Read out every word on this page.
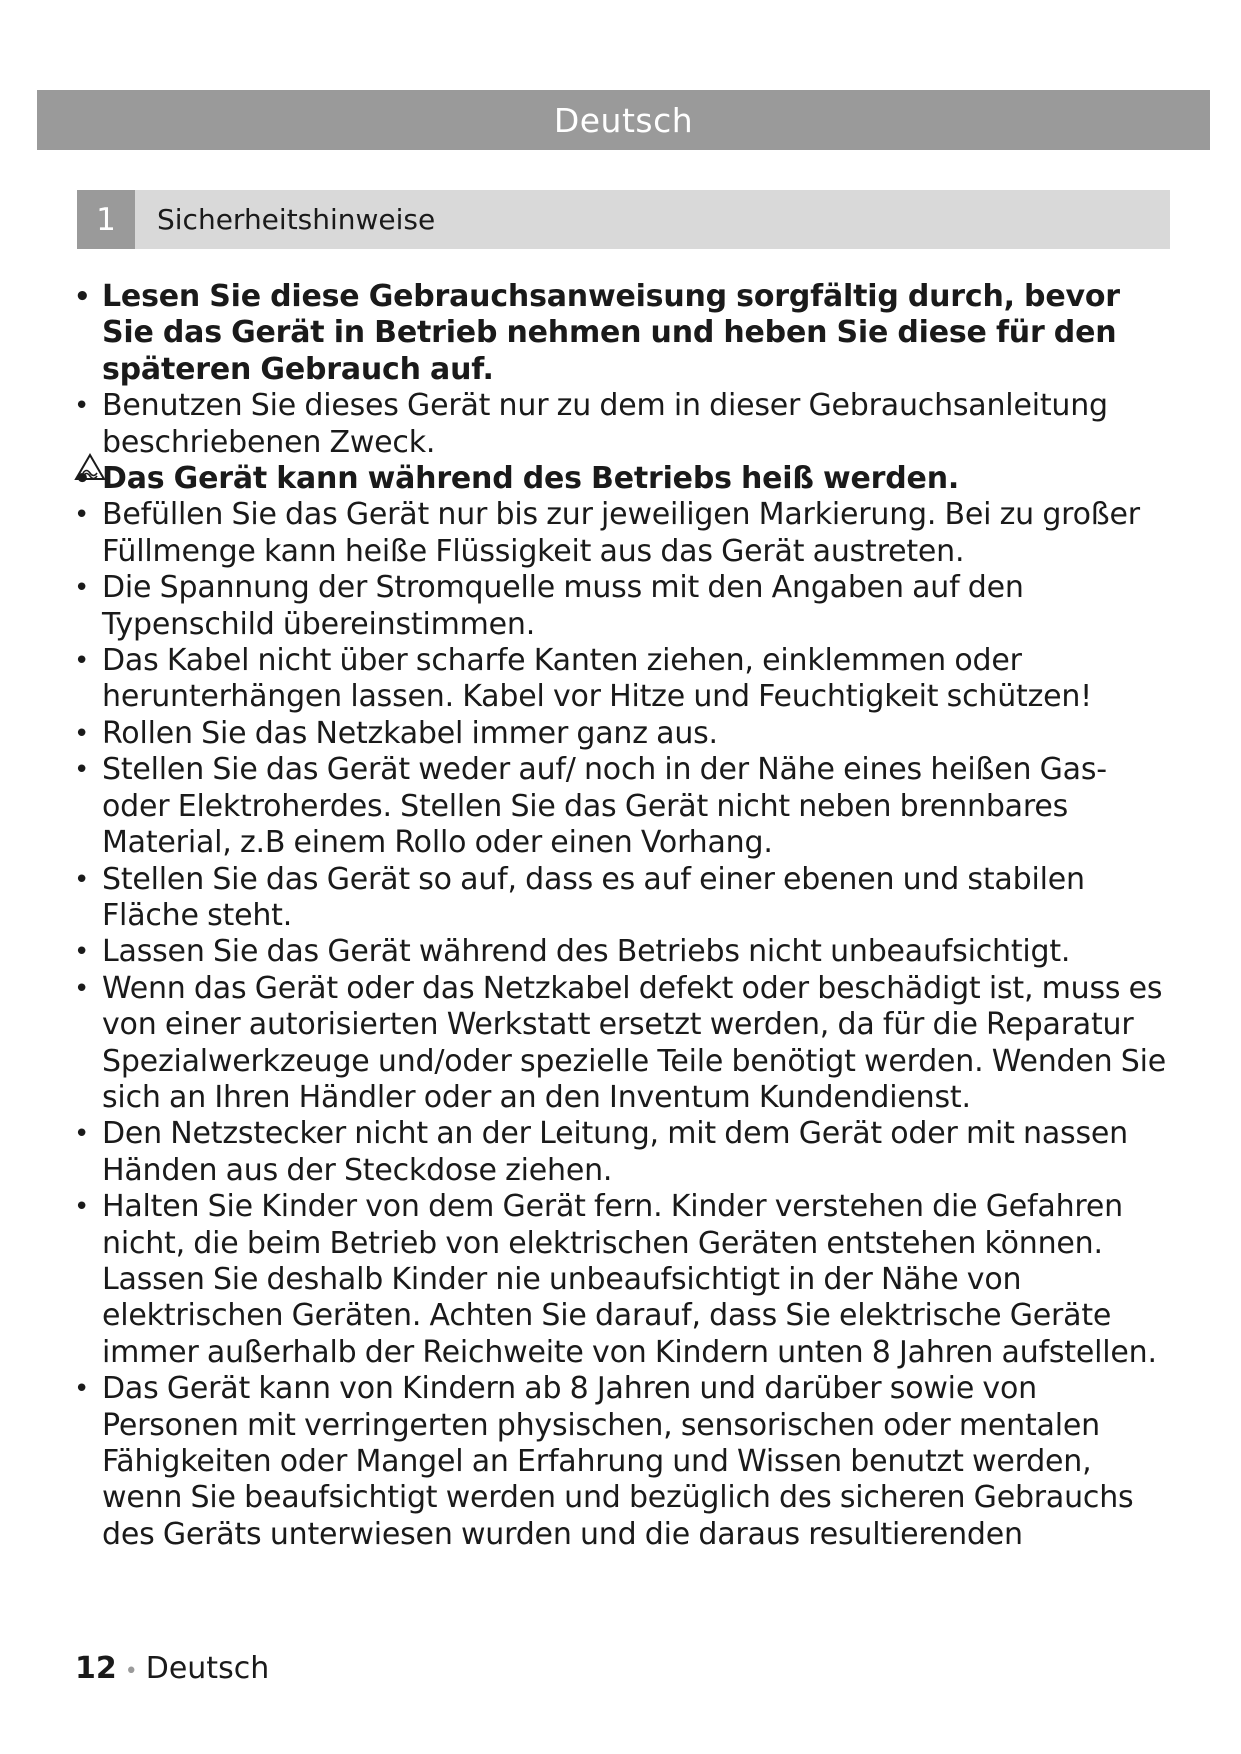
Deutsch
1	Sicherheitshinweise
• Lesen Sie diese Gebrauchsanweisung sorgfältig durch, bevor Sie das Gerät in Betrieb nehmen und heben Sie diese für den späteren Gebrauch auf.
• Benutzen Sie dieses Gerät nur zu dem in dieser Gebrauchsanleitung beschriebenen Zweck.
• Das Gerät kann während des Betriebs heiß werden.
• Befüllen Sie das Gerät nur bis zur jeweiligen Markierung. Bei zu großer Füllmenge kann heiße Flüssigkeit aus das Gerät austreten.
• Die Spannung der Stromquelle muss mit den Angaben auf den Typenschild übereinstimmen.
• Das Kabel nicht über scharfe Kanten ziehen, einklemmen oder herunterhängen lassen. Kabel vor Hitze und Feuchtigkeit schützen!
• Rollen Sie das Netzkabel immer ganz aus.
• Stellen Sie das Gerät weder auf/ noch in der Nähe eines heißen Gas- oder Elektroherdes. Stellen Sie das Gerät nicht neben brennbares Material, z.B einem Rollo oder einen Vorhang.
• Stellen Sie das Gerät so auf, dass es auf einer ebenen und stabilen Fläche steht.
• Lassen Sie das Gerät während des Betriebs nicht unbeaufsichtigt.
• Wenn das Gerät oder das Netzkabel defekt oder beschädigt ist, muss es von einer autorisierten Werkstatt ersetzt werden, da für die Reparatur Spezialwerkzeuge und/oder spezielle Teile benötigt werden. Wenden Sie sich an Ihren Händler oder an den Inventum Kundendienst.
• Den Netzstecker nicht an der Leitung, mit dem Gerät oder mit nassen Händen aus der Steckdose ziehen.
• Halten Sie Kinder von dem Gerät fern. Kinder verstehen die Gefahren nicht, die beim Betrieb von elektrischen Geräten entstehen können. Lassen Sie deshalb Kinder nie unbeaufsichtigt in der Nähe von elektrischen Geräten. Achten Sie darauf, dass Sie elektrische Geräte immer außerhalb der Reichweite von Kindern unten 8 Jahren aufstellen.
• Das Gerät kann von Kindern ab 8 Jahren und darüber sowie von Personen mit verringerten physischen, sensorischen oder mentalen Fähigkeiten oder Mangel an Erfahrung und Wissen benutzt werden, wenn Sie beaufsichtigt werden und bezüglich des sicheren Gebrauchs des Geräts unterwiesen wurden und die daraus resultierenden
12 • Deutsch
